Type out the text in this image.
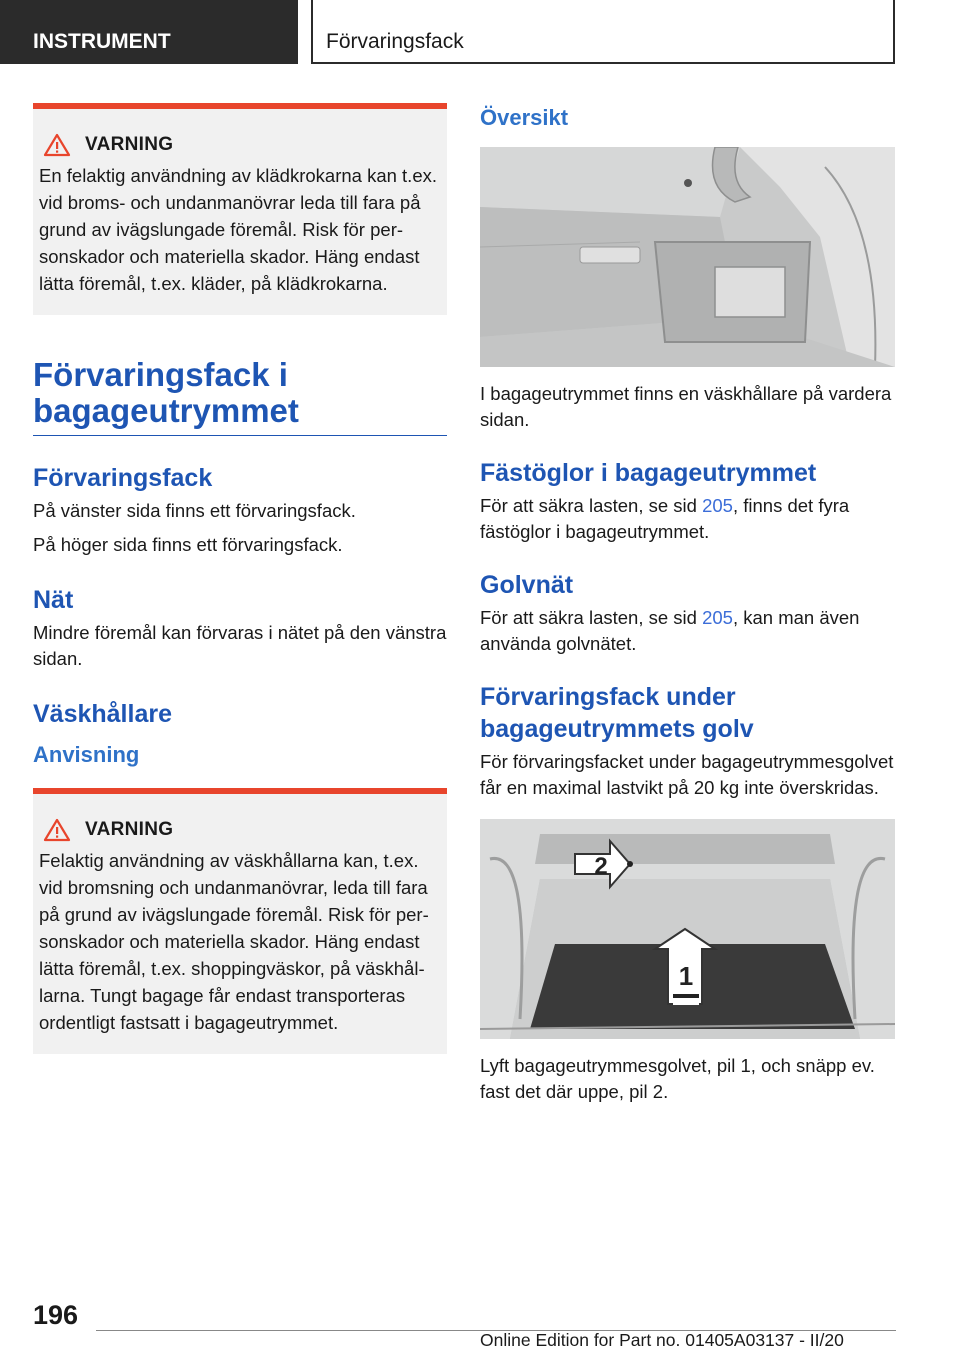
INSTRUMENT	Förvaringsfack
VARNING

En felaktig användning av klädkrokarna kan t.ex. vid broms- och undanmanövrar leda till fara på grund av ivägslungade föremål. Risk för personskador och materiella skador. Häng endast lätta föremål, t.ex. kläder, på klädkrokarna.

Förvaringsfack i bagageutrymmet
Förvaringsfack

På vänster sida finns ett förvaringsfack.

På höger sida finns ett förvaringsfack.

Nät

Mindre föremål kan förvaras i nätet på den vänstra sidan.

Väskhållare
Anvisning
VARNING

Felaktig användning av väskhållarna kan, t.ex. vid bromsning och undanmanövrar, leda till fara på grund av ivägslungade föremål. Risk för personskador och materiella skador. Häng endast lätta föremål, t.ex. shoppingväskor, på väskhållarna. Tungt bagage får endast transporteras ordentligt fastsatt i bagageutrymmet.

Översikt

I bagageutrymmet finns en väskhållare på vardera sidan.

Fästöglor i bagageutrymmet

För att säkra lasten, se sid 205, finns det fyra fästöglor i bagageutrymmet.

Golvnät

För att säkra lasten, se sid 205, kan man även använda golvnätet.

Förvaringsfack under bagageutrymmets golv

För förvaringsfacket under bagageutrymmesgolvet får en maximal lastvikt på 20 kg inte överskridas.

1
2

Lyft bagageutrymmesgolvet, pil 1, och snäpp ev. fast det där uppe, pil 2.

196
Online Edition for Part no. 01405A03137 - II/20
